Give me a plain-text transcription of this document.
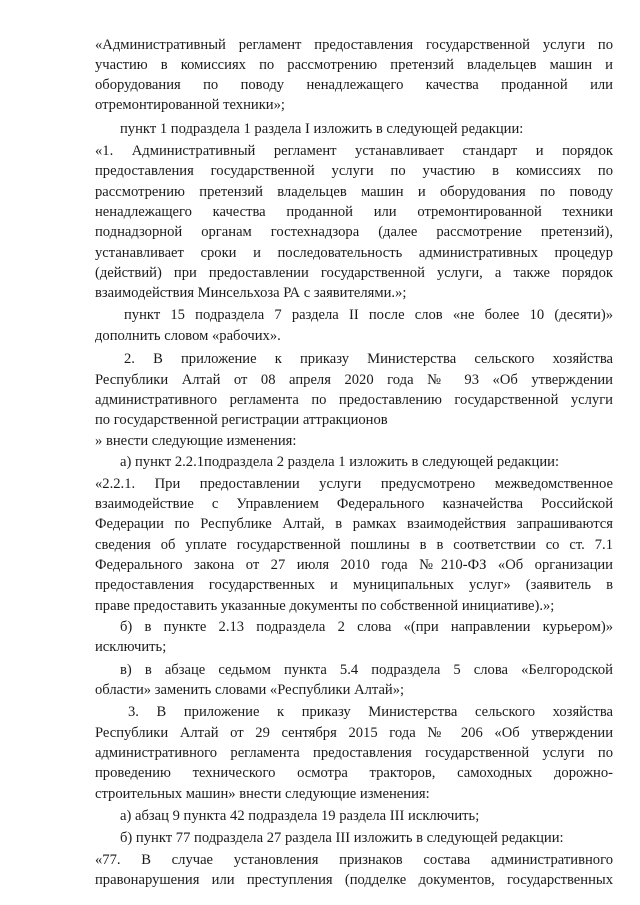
«Административный регламент предоставления государственной услуги по
участию в комиссиях по рассмотрению претензий владельцев машин и
оборудования по поводу ненадлежащего качества проданной или
отремонтированной техники»;
пункт 1 подраздела 1 раздела I изложить в следующей редакции:
«1. Административный регламент устанавливает стандарт и порядок
предоставления государственной услуги по участию в комиссиях по
рассмотрению претензий владельцев машин и оборудования по поводу
ненадлежащего качества проданной или отремонтированной техники
поднадзорной органам гостехнадзора (далее рассмотрение претензий),
устанавливает сроки и последовательность административных процедур
(действий) при предоставлении государственной услуги, а также порядок
взаимодействия Минсельхоза РА с заявителями.»;
пункт 15 подраздела 7 раздела II после слов «не более 10 (десяти)»
дополнить словом «рабочих».
2. В приложение к приказу Министерства сельского хозяйства
Республики Алтай от 08 апреля 2020 года № 93 «Об утверждении
административного регламента по предоставлению государственной услуги
по государственной регистрации аттракционов
» внести следующие изменения:
а) пункт 2.2.1подраздела 2 раздела 1 изложить в следующей редакции:
«2.2.1. При предоставлении услуги предусмотрено межведомственное
взаимодействие с Управлением Федерального казначейства Российской
Федерации по Республике Алтай, в рамках взаимодействия запрашиваются
сведения об уплате государственной пошлины в в соответствии со ст. 7.1
Федерального закона от 27 июля 2010 года №210-ФЗ «Об организации
предоставления государственных и муниципальных услуг» (заявитель в
праве предоставить указанные документы по собственной инициативе).»;
б) в пункте 2.13 подраздела 2 слова «(при направлении курьером)»
исключить;
в) в абзаце седьмом пункта 5.4 подраздела 5 слова «Белгородской
области» заменить словами «Республики Алтай»;
3. В приложение к приказу Министерства сельского хозяйства
Республики Алтай от 29 сентября 2015 года № 206 «Об утверждении
административного регламента предоставления государственной услуги по
проведению технического осмотра тракторов, самоходных дорожно-
строительных машин» внести следующие изменения:
а) абзац 9 пункта 42 подраздела 19 раздела III исключить;
б) пункт 77 подраздела 27 раздела III изложить в следующей редакции:
«77. В случае установления признаков состава административного
правонарушения или преступления (подделке документов, государственных
